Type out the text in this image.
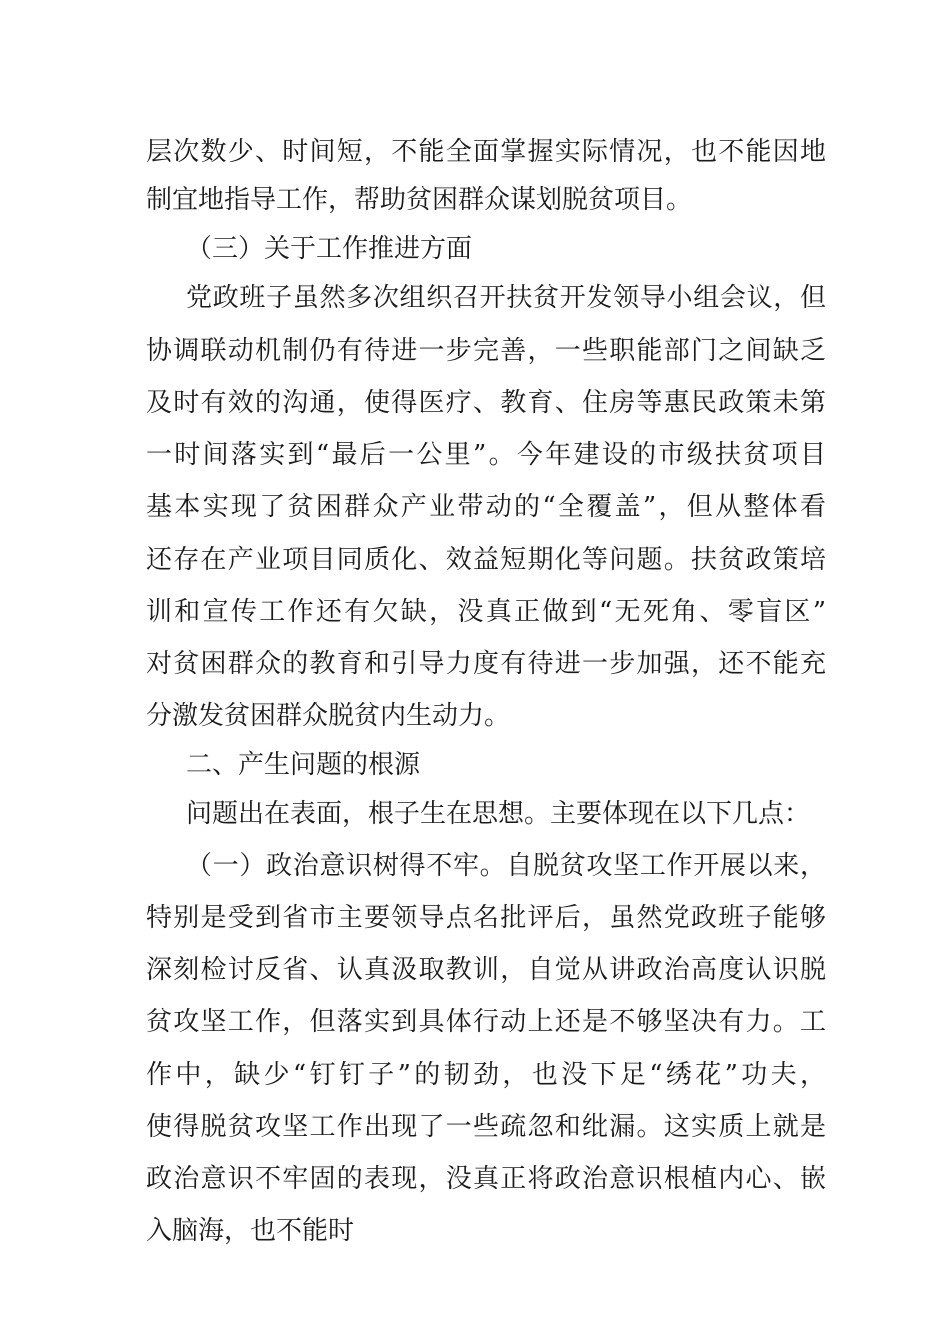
层次数少、时间短，不能全面掌握实际情况，也不能因地
制宜地指导工作，帮助贫困群众谋划脱贫项目。
（三）关于工作推进方面
党政班子虽然多次组织召开扶贫开发领导小组会议，但
协调联动机制仍有待进一步完善，一些职能部门之间缺乏
及时有效的沟通，使得医疗、教育、住房等惠民政策未第
一时间落实到“最后一公里”。今年建设的市级扶贫项目
基本实现了贫困群众产业带动的“全覆盖”，但从整体看
还存在产业项目同质化、效益短期化等问题。扶贫政策培
训和宣传工作还有欠缺，没真正做到“无死角、零盲区”
对贫困群众的教育和引导力度有待进一步加强，还不能充
分激发贫困群众脱贫内生动力。
二、产生问题的根源
问题出在表面，根子生在思想。主要体现在以下几点：
（一）政治意识树得不牢。自脱贫攻坚工作开展以来，
特别是受到省市主要领导点名批评后，虽然党政班子能够
深刻检讨反省、认真汲取教训，自觉从讲政治高度认识脱
贫攻坚工作，但落实到具体行动上还是不够坚决有力。工
作中，缺少“钉钉子”的韧劲，也没下足“绣花”功夫，
使得脱贫攻坚工作出现了一些疏忽和纰漏。这实质上就是
政治意识不牢固的表现，没真正将政治意识根植内心、嵌
入脑海，也不能时
